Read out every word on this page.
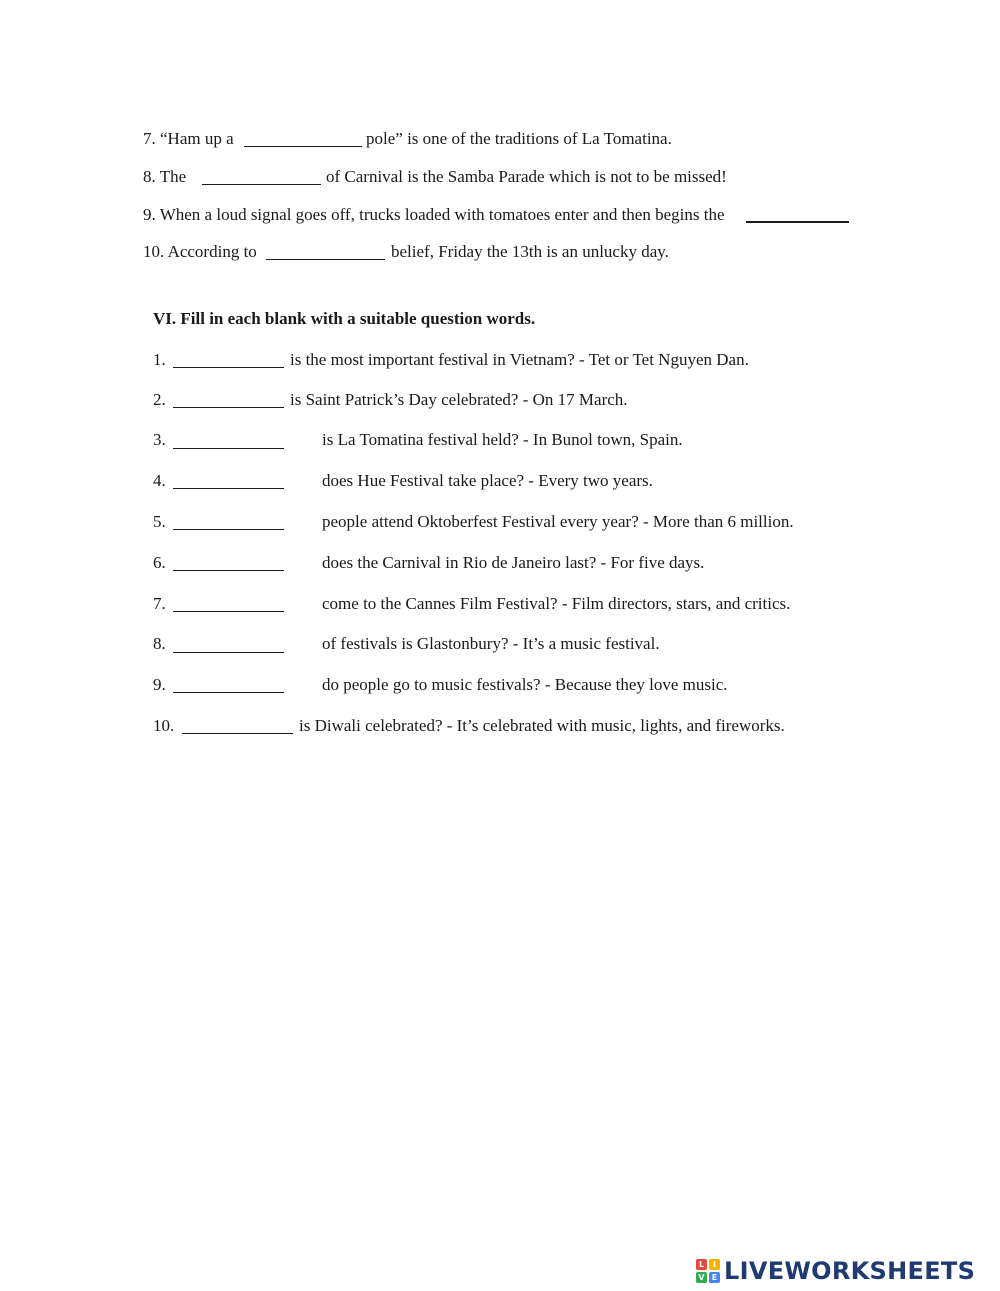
7. “Ham up a	pole” is one of the traditions of La Tomatina.
8. The	of Carnival is the Samba Parade which is not to be missed!
9. When a loud signal goes off, trucks loaded with tomatoes enter and then begins the
10. According to	belief, Friday the 13th is an unlucky day.
VI. Fill in each blank with a suitable question words.
1.	is the most important festival in Vietnam? - Tet or Tet Nguyen Dan.
2.	is Saint Patrick’s Day celebrated? - On 17 March.
3.	is La Tomatina festival held? - In Bunol town, Spain.
4.	does Hue Festival take place? - Every two years.
5.	people attend Oktoberfest Festival every year? - More than 6 million.
6.	does the Carnival in Rio de Janeiro last? - For five days.
7.	come to the Cannes Film Festival? - Film directors, stars, and critics.
8.	of festivals is Glastonbury? - It’s a music festival.
9.	do people go to music festivals? - Because they love music.
10.	is Diwali celebrated? - It’s celebrated with music, lights, and fireworks.
L	I
V E LIVEWORKSHEETS
